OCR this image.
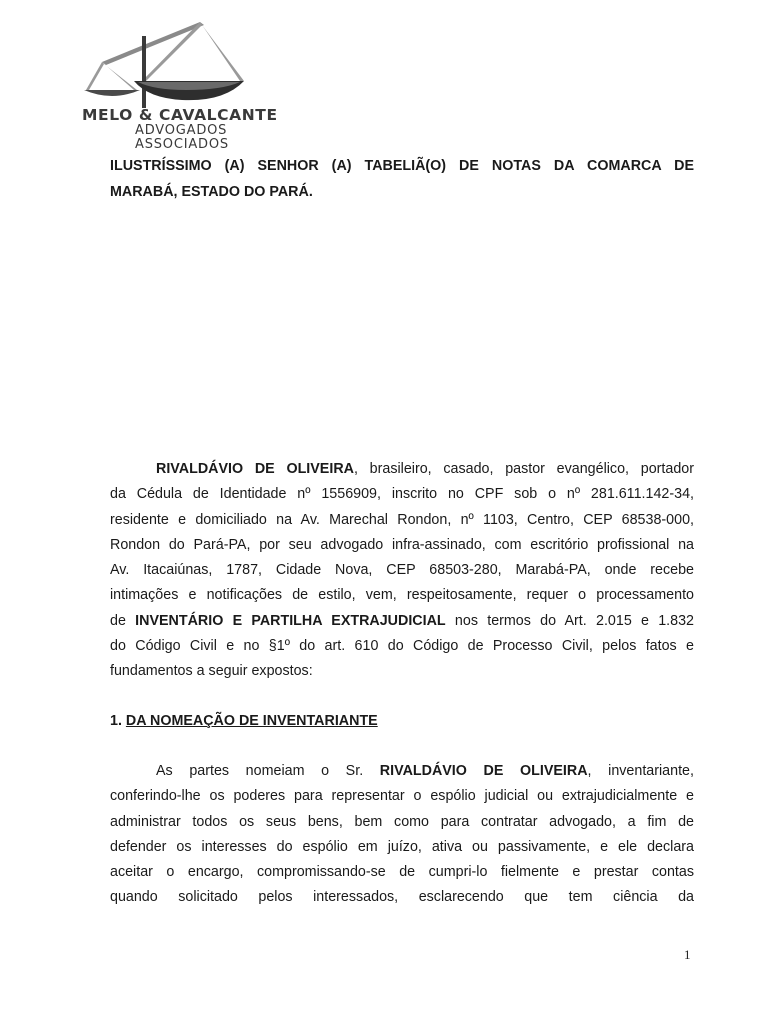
MELO & CAVALCANTE
ADVOGADOS
ASSOCIADOS
ILUSTRÍSSIMO (A) SENHOR (A) TABELIÃ(O) DE NOTAS DA COMARCA DE
MARABÁ, ESTADO DO PARÁ.
RIVALDÁVIO DE OLIVEIRA, brasileiro, casado, pastor evangélico, portador
da Cédula de Identidade nº 1556909, inscrito no CPF sob o nº 281.611.142-34,
residente e domiciliado na Av. Marechal Rondon, nº 1103, Centro, CEP 68538-000,
Rondon do Pará-PA, por seu advogado infra-assinado, com escritório profissional na
Av. Itacaiúnas, 1787, Cidade Nova, CEP 68503-280, Marabá-PA, onde recebe
intimações e notificações de estilo, vem, respeitosamente, requer o processamento
de INVENTÁRIO E PARTILHA EXTRAJUDICIAL nos termos do Art. 2.015 e 1.832
do Código Civil e no §1º do art. 610 do Código de Processo Civil, pelos fatos e
fundamentos a seguir expostos:
1. DA NOMEAÇÃO DE INVENTARIANTE
As partes nomeiam o Sr. RIVALDÁVIO DE OLIVEIRA, inventariante,
conferindo-lhe os poderes para representar o espólio judicial ou extrajudicialmente e
administrar todos os seus bens, bem como para contratar advogado, a fim de
defender os interesses do espólio em juízo, ativa ou passivamente, e ele declara
aceitar o encargo, compromissando-se de cumpri-lo fielmente e prestar contas
quando solicitado pelos interessados, esclarecendo que tem ciência da
1
